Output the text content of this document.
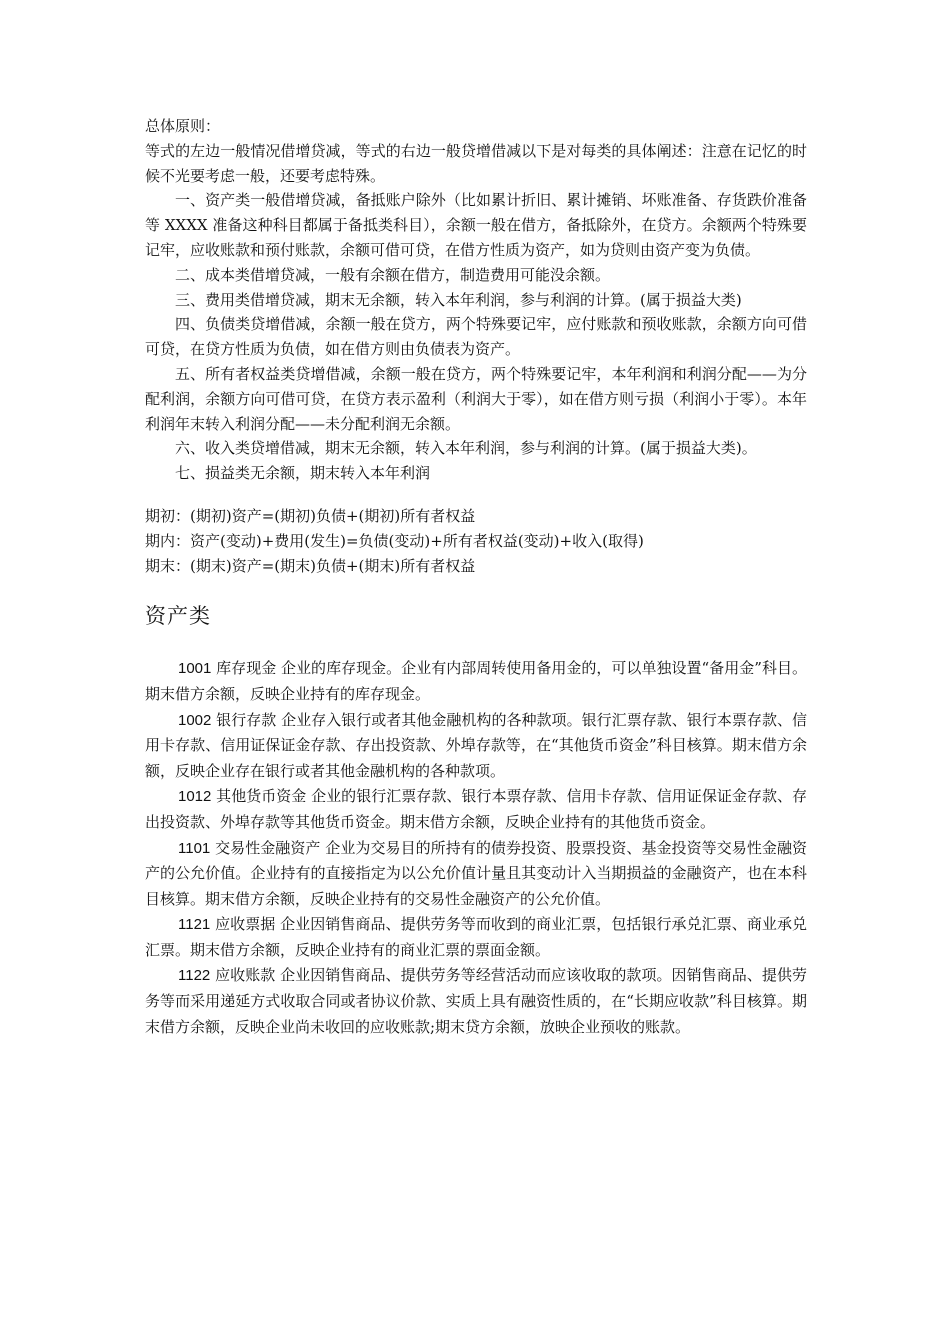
总体原则：

等式的左边一般情况借增贷减，等式的右边一般贷增借减以下是对每类的具体阐述：注意在记忆的时候不光要考虑一般，还要考虑特殊。

一、资产类一般借增贷减，备抵账户除外（比如累计折旧、累计摊销、坏账准备、存货跌价准备等 XXXX 准备这种科目都属于备抵类科目），余额一般在借方，备抵除外，在贷方。余额两个特殊要记牢，应收账款和预付账款，余额可借可贷，在借方性质为资产，如为贷则由资产变为负债。

二、成本类借增贷减，一般有余额在借方，制造费用可能没余额。

三、费用类借增贷减，期末无余额，转入本年利润，参与利润的计算。(属于损益大类)

四、负债类贷增借减，余额一般在贷方，两个特殊要记牢，应付账款和预收账款，余额方向可借可贷，在贷方性质为负债，如在借方则由负债表为资产。

五、所有者权益类贷增借减，余额一般在贷方，两个特殊要记牢，本年利润和利润分配——为分配利润，余额方向可借可贷，在贷方表示盈利（利润大于零），如在借方则亏损（利润小于零）。本年利润年末转入利润分配——未分配利润无余额。

六、收入类贷增借减，期末无余额，转入本年利润，参与利润的计算。(属于损益大类)。

七、损益类无余额，期末转入本年利润

期初：(期初)资产=(期初)负债+(期初)所有者权益

期内：资产(变动)+费用(发生)=负债(变动)+所有者权益(变动)+收入(取得)

期末：(期末)资产=(期末)负债+(期末)所有者权益

资产类

1001 库存现金 企业的库存现金。企业有内部周转使用备用金的，可以单独设置“备用金”科目。期末借方余额，反映企业持有的库存现金。

1002 银行存款 企业存入银行或者其他金融机构的各种款项。银行汇票存款、银行本票存款、信用卡存款、信用证保证金存款、存出投资款、外埠存款等，在“其他货币资金”科目核算。期末借方余额，反映企业存在银行或者其他金融机构的各种款项。

1012 其他货币资金 企业的银行汇票存款、银行本票存款、信用卡存款、信用证保证金存款、存出投资款、外埠存款等其他货币资金。期末借方余额，反映企业持有的其他货币资金。

1101 交易性金融资产 企业为交易目的所持有的债券投资、股票投资、基金投资等交易性金融资产的公允价值。企业持有的直接指定为以公允价值计量且其变动计入当期损益的金融资产，也在本科目核算。期末借方余额，反映企业持有的交易性金融资产的公允价值。

1121 应收票据 企业因销售商品、提供劳务等而收到的商业汇票，包括银行承兑汇票、商业承兑汇票。期末借方余额，反映企业持有的商业汇票的票面金额。

1122 应收账款 企业因销售商品、提供劳务等经营活动而应该收取的款项。因销售商品、提供劳务等而采用递延方式收取合同或者协议价款、实质上具有融资性质的，在“长期应收款”科目核算。期末借方余额，反映企业尚未收回的应收账款;期末贷方余额，放映企业预收的账款。
